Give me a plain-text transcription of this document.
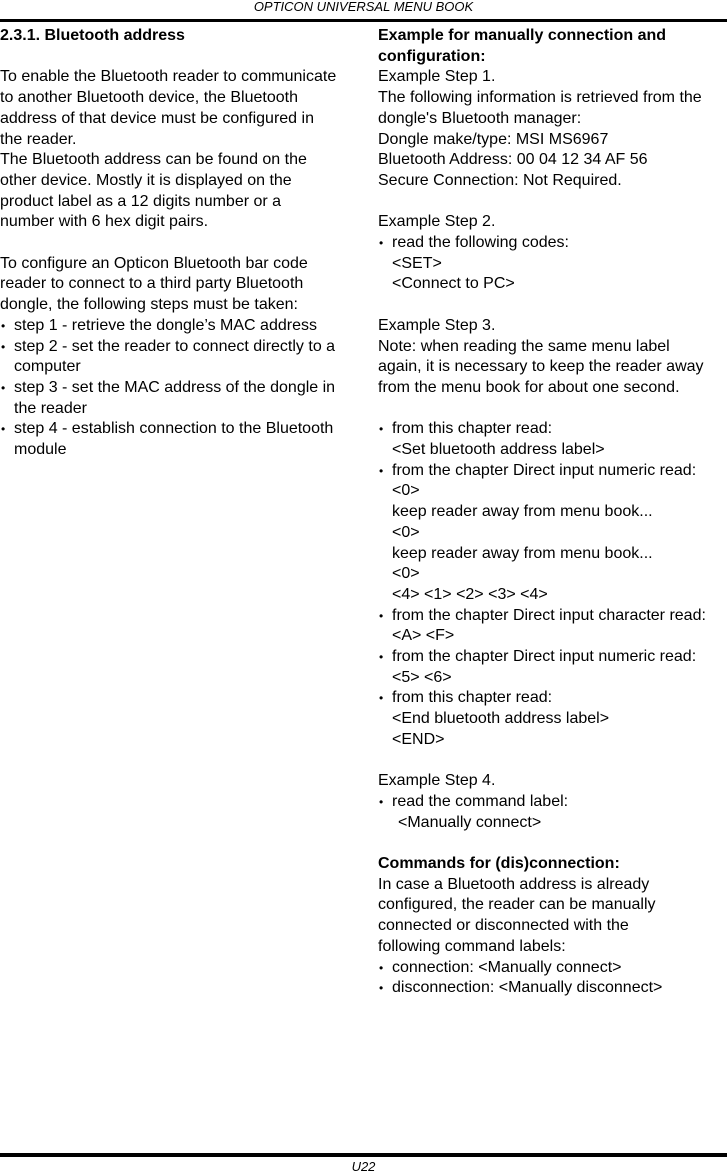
OPTICON UNIVERSAL MENU BOOK
2.3.1. Bluetooth address
To enable the Bluetooth reader to communicate
to another Bluetooth device, the Bluetooth
address of that device must be configured in
the reader.
The Bluetooth address can be found on the
other device. Mostly it is displayed on the
product label as a 12 digits number or a
number with 6 hex digit pairs.
To configure an Opticon Bluetooth bar code
reader to connect to a third party Bluetooth
dongle, the following steps must be taken:
• step 1 - retrieve the dongle’s MAC address
• step 2 - set the reader to connect directly to a computer
• step 3 - set the MAC address of the dongle in the reader
• step 4 - establish connection to the Bluetooth module
Example for manually connection and
configuration:
Example Step 1.
The following information is retrieved from the
dongle's Bluetooth manager:
Dongle make/type: MSI MS6967
Bluetooth Address: 00 04 12 34 AF 56
Secure Connection: Not Required.
Example Step 2.
• read the following codes:
<SET>
<Connect to PC>
Example Step 3.
Note: when reading the same menu label
again, it is necessary to keep the reader away
from the menu book for about one second.
• from this chapter read:
<Set bluetooth address label>
• from the chapter Direct input numeric read:
<0>
keep reader away from menu book...
<0>
keep reader away from menu book...
<0>
<4> <1> <2> <3> <4>
• from the chapter Direct input character read:
<A> <F>
• from the chapter Direct input numeric read:
<5> <6>
• from this chapter read:
<End bluetooth address label>
<END>
Example Step 4.
• read the command label:
<Manually connect>
Commands for (dis)connection:
In case a Bluetooth address is already
configured, the reader can be manually
connected or disconnected with the
following command labels:
• connection: <Manually connect>
• disconnection: <Manually disconnect>
U22
